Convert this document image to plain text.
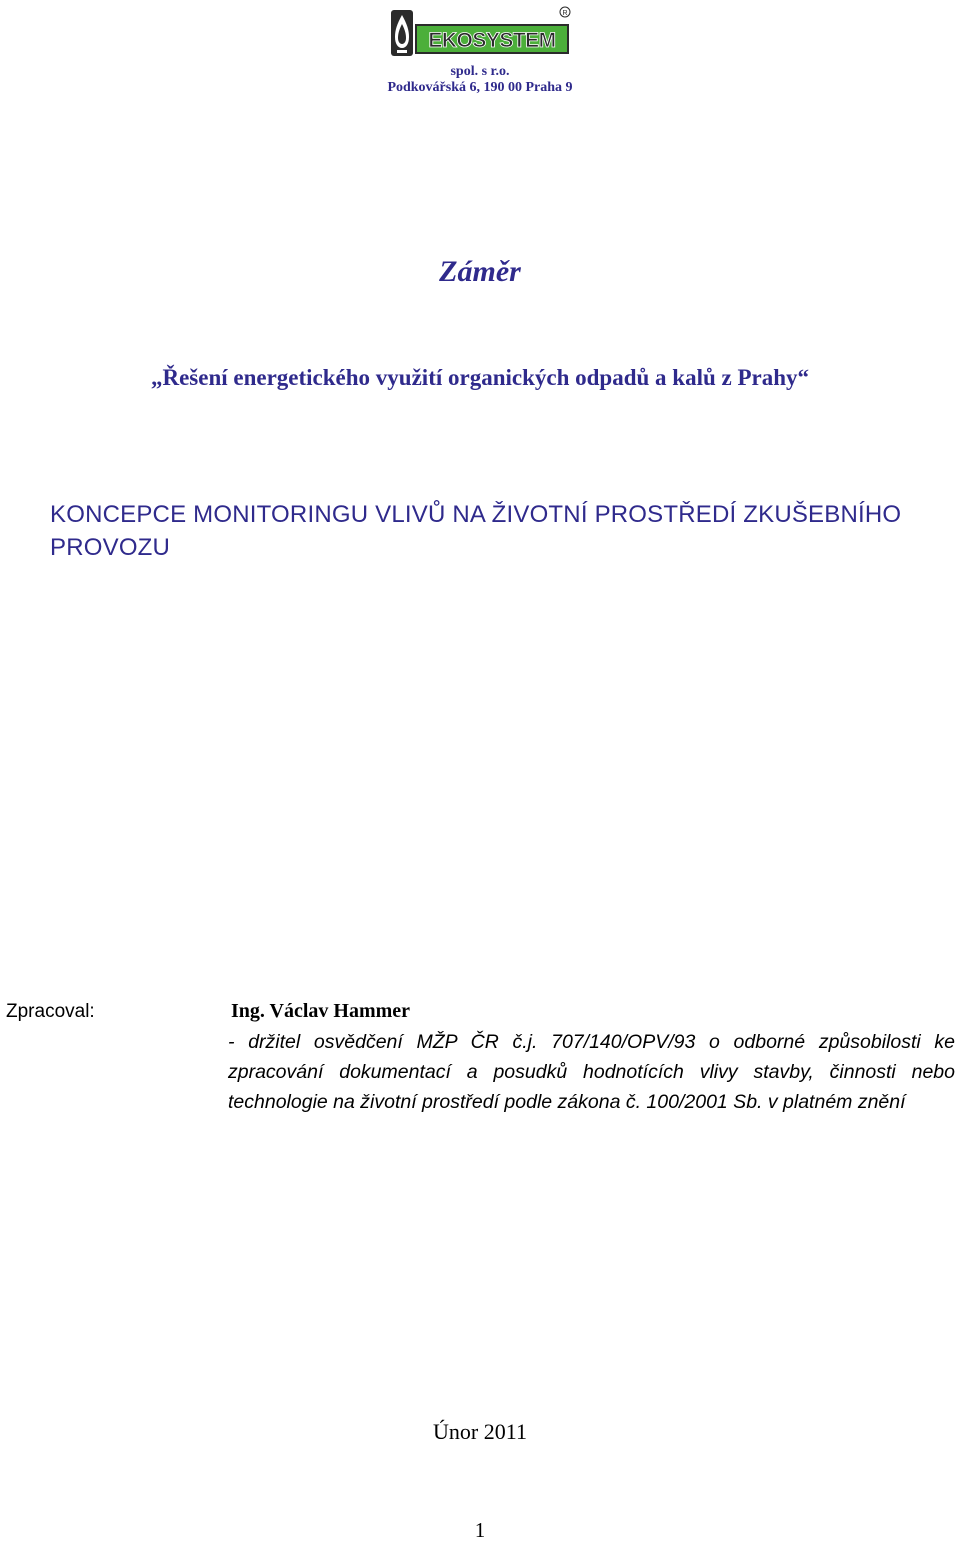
EKOSYSTEM
R
spol. s r.o.
Podkovářská 6, 190 00 Praha 9
Záměr
„Řešení energetického využití organických odpadů a kalů z Prahy“
KONCEPCE MONITORINGU VLIVŮ NA ŽIVOTNÍ PROSTŘEDÍ ZKUŠEBNÍHO PROVOZU
Zpracoval:	Ing. Václav Hammer
- držitel osvědčení MŽP ČR č.j. 707/140/OPV/93 o odborné způsobilosti ke zpracování dokumentací a posudků hodnotících vlivy stavby, činnosti nebo technologie na životní prostředí podle zákona č. 100/2001 Sb. v platném znění
Únor 2011
1
